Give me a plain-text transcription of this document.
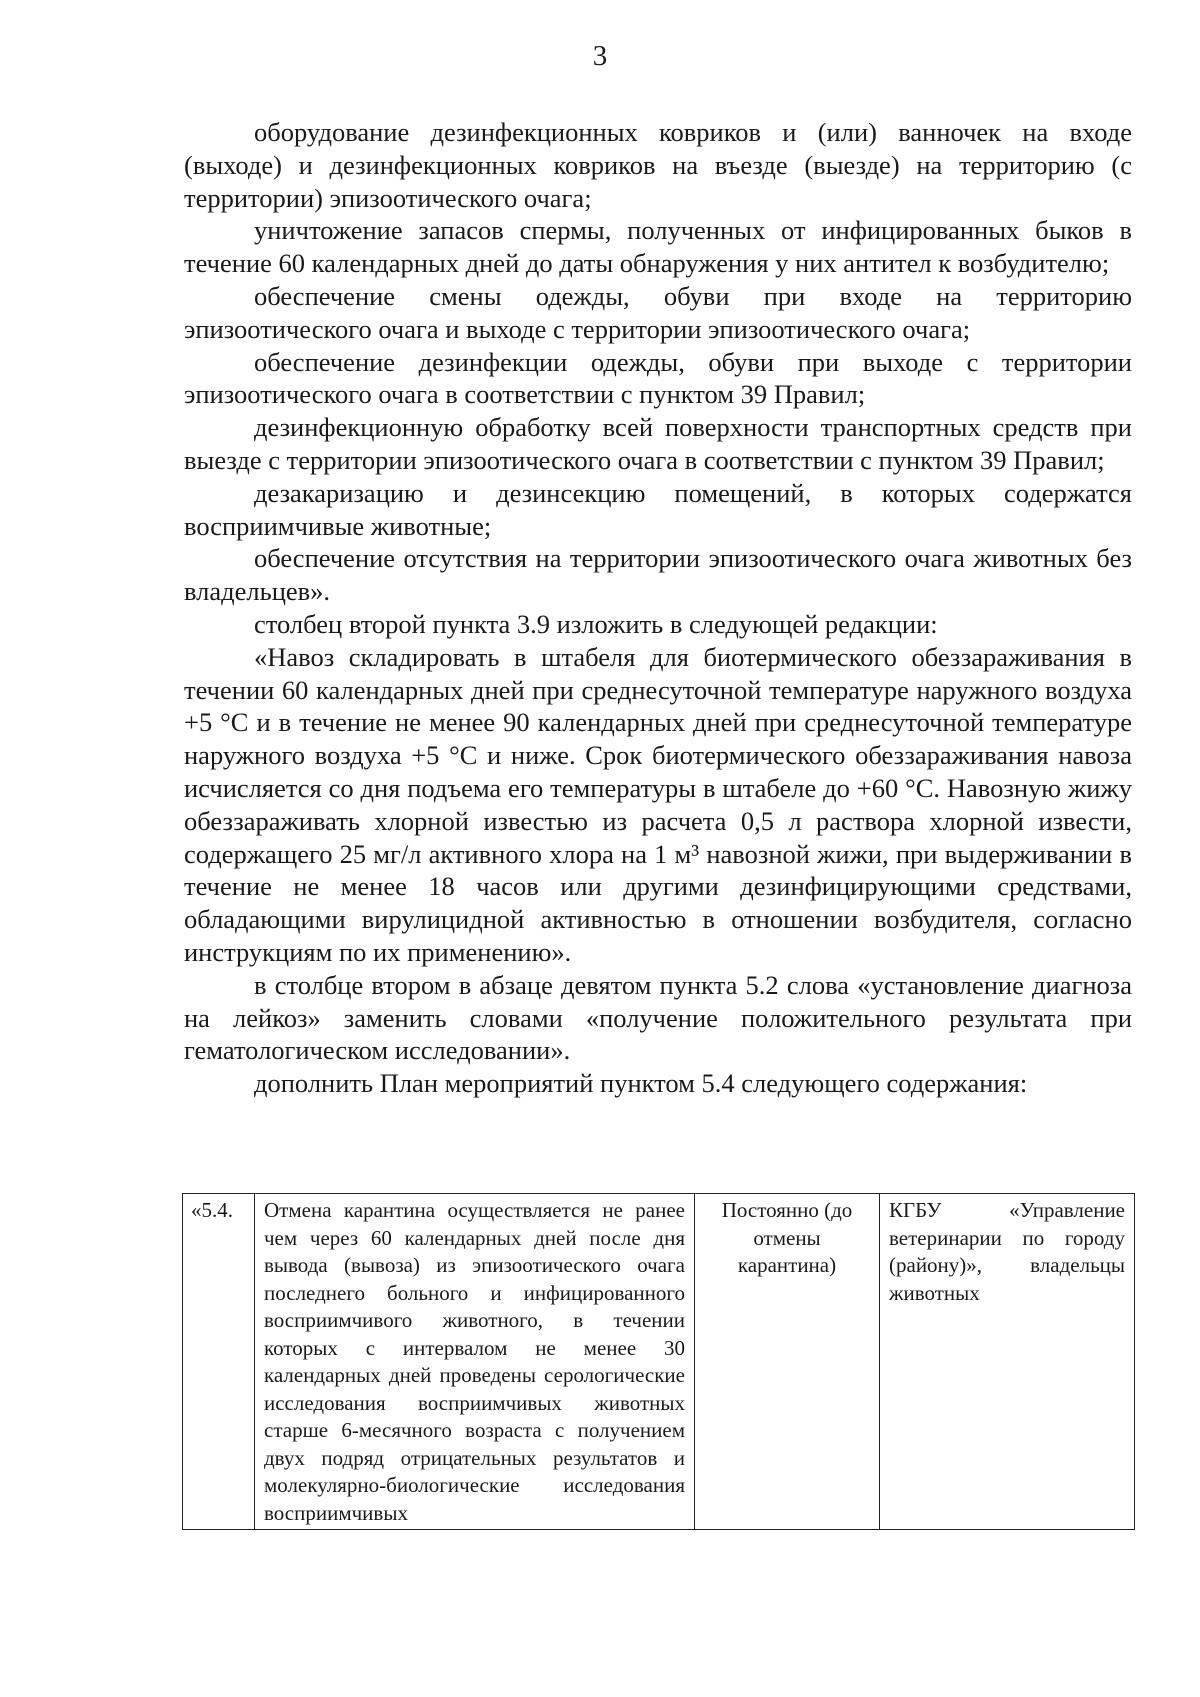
3

оборудование дезинфекционных ковриков и (или) ванночек на входе (выходе) и дезинфекционных ковриков на въезде (выезде) на территорию (с территории) эпизоотического очага;

уничтожение запасов спермы, полученных от инфицированных быков в течение 60 календарных дней до даты обнаружения у них антител к возбудителю;

обеспечение смены одежды, обуви при входе на территорию эпизоотического очага и выходе с территории эпизоотического очага;

обеспечение дезинфекции одежды, обуви при выходе с территории эпизоотического очага в соответствии с пунктом 39 Правил;

дезинфекционную обработку всей поверхности транспортных средств при выезде с территории эпизоотического очага в соответствии с пунктом 39 Правил;

дезакаризацию и дезинсекцию помещений, в которых содержатся восприимчивые животные;

обеспечение отсутствия на территории эпизоотического очага животных без владельцев».

столбец второй пункта 3.9 изложить в следующей редакции:

«Навоз складировать в штабеля для биотермического обеззараживания в течении 60 календарных дней при среднесуточной температуре наружного воздуха +5 °С и в течение не менее 90 календарных дней при среднесуточной температуре наружного воздуха +5 °С и ниже. Срок биотермического обеззараживания навоза исчисляется со дня подъема его температуры в штабеле до +60 °С. Навозную жижу обеззараживать хлорной известью из расчета 0,5 л раствора хлорной извести, содержащего 25 мг/л активного хлора на 1 м³ навозной жижи, при выдерживании в течение не менее 18 часов или другими дезинфицирующими средствами, обладающими вирулицидной активностью в отношении возбудителя, согласно инструкциям по их применению».

в столбце втором в абзаце девятом пункта 5.2 слова «установление диагноза на лейкоз» заменить словами «получение положительного результата при гематологическом исследовании».

дополнить План мероприятий пунктом 5.4 следующего содержания:

«5.4.	Отмена карантина осуществляется не ранее чем через 60 календарных дней после дня вывода (вывоза) из эпизоотического очага последнего больного и инфицированного восприимчивого животного, в течении которых с интервалом не менее 30 календарных дней проведены серологические исследования восприимчивых животных старше 6-месячного возраста с получением двух подряд отрицательных результатов и молекулярно-биологические исследования восприимчивых	Постоянно (до отмены карантина)	КГБУ «Управление ветеринарии по городу (району)», владельцы животных
